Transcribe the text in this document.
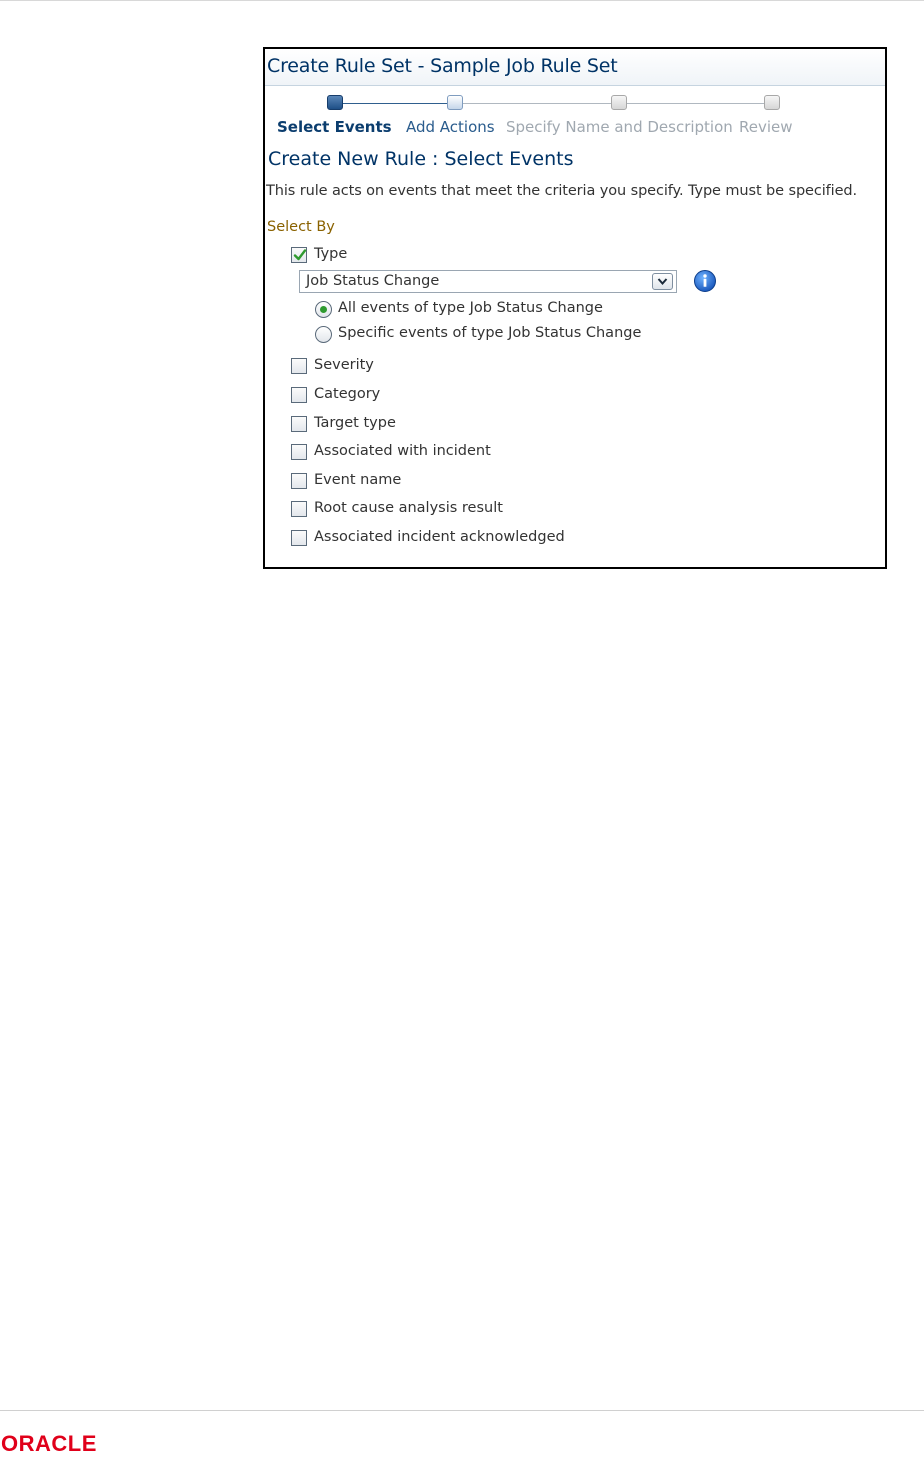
Create Rule Set - Sample Job Rule Set
Select Events Add Actions Specify Name and Description Review
Create New Rule : Select Events
This rule acts on events that meet the criteria you specify. Type must be specified.
Select By
Type
Job Status Change
All events of type Job Status Change
Specific events of type Job Status Change
Severity
Category
Target type
Associated with incident
Event name
Root cause analysis result
Associated incident acknowledged
ORACLE
